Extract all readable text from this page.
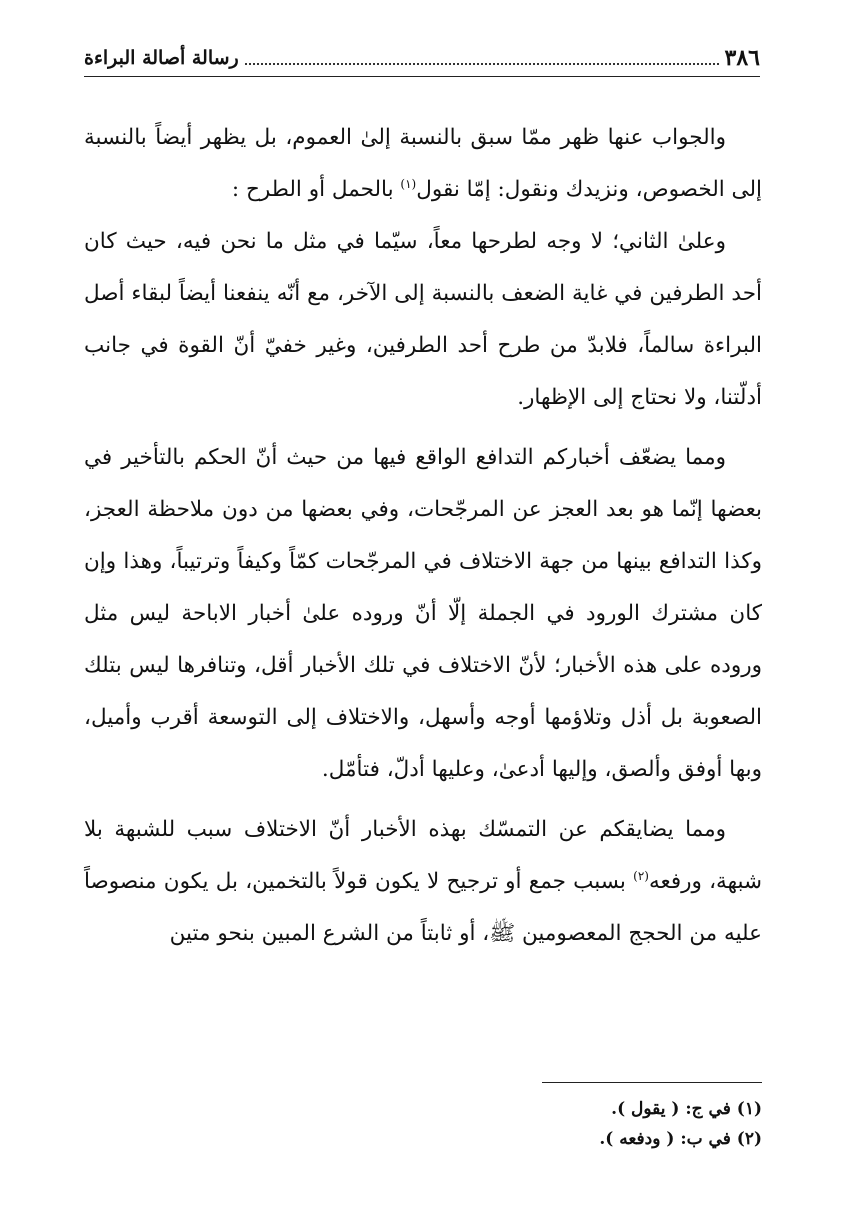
٣٨٦
رسالة أصالة البراءة

والجواب عنها ظهر ممّا سبق بالنسبة إلىٰ العموم، بل يظهر أيضاً بالنسبة إلى الخصوص، ونزيدك ونقول: إمّا نقول$^{(١)}$ بالحمل أو الطرح :

وعلىٰ الثاني؛ لا وجه لطرحها معاً، سيّما في مثل ما نحن فيه، حيث كان أحد الطرفين في غاية الضعف بالنسبة إلى الآخر، مع أنّه ينفعنا أيضاً لبقاء أصل البراءة سالماً، فلابدّ من طرح أحد الطرفين، وغير خفيّ أنّ القوة في جانب أدلّتنا، ولا نحتاج إلى الإظهار.

ومما يضعّف أخباركم التدافع الواقع فيها من حيث أنّ الحكم بالتأخير في بعضها إنّما هو بعد العجز عن المرجّحات، وفي بعضها من دون ملاحظة العجز، وكذا التدافع بينها من جهة الاختلاف في المرجّحات كمّاً وكيفاً وترتيباً، وهذا وإن كان مشترك الورود في الجملة إلّا أنّ وروده علىٰ أخبار الاباحة ليس مثل وروده على هذه الأخبار؛ لأنّ الاختلاف في تلك الأخبار أقل، وتنافرها ليس بتلك الصعوبة بل أذل وتلاؤمها أوجه وأسهل، والاختلاف إلى التوسعة أقرب وأميل، وبها أوفق وألصق، وإليها أدعىٰ، وعليها أدلّ، فتأمّل.

ومما يضايقكم عن التمسّك بهذه الأخبار أنّ الاختلاف سبب للشبهة بلا شبهة، ورفعه$^{(٢)}$ بسبب جمع أو ترجيح لا يكون قولاً بالتخمين، بل يكون منصوصاً عليه من الحجج المعصومين ﷺ، أو ثابتاً من الشرع المبين بنحو متين

(١) في ج: ( يقول ).

(٢) في ب: ( ودفعه ).
